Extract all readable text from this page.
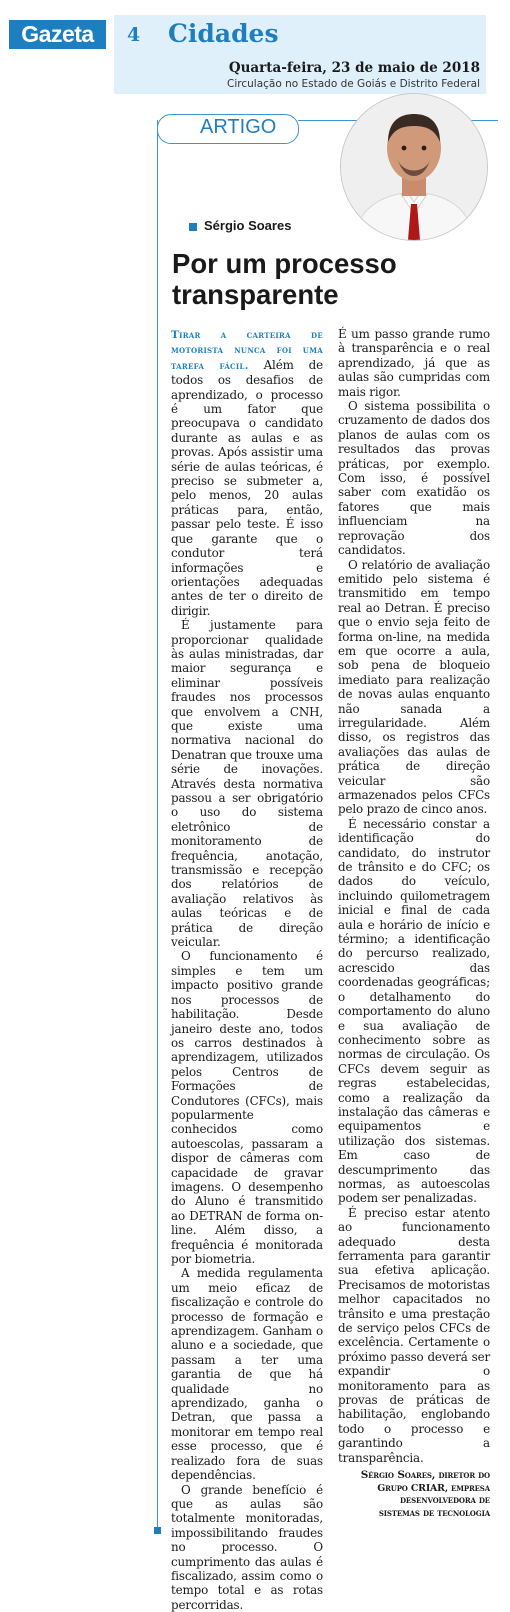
Gazeta	4 Cidades
Quarta-feira, 23 de maio de 2018
Circulação no Estado de Goiás e Distrito Federal
ARTIGO
Sérgio Soares
Por um processo
transparente

Tirar a carteira de motorista nunca foi uma tarefa fácil. Além de todos os desafios de aprendizado, o processo é um fator que preocupava o candidato durante as aulas e as provas. Após assistir uma série de aulas teóricas, é preciso se submeter a, pelo menos, 20 aulas práticas para, então, passar pelo teste. É isso que garante que o condutor terá informações e orientações adequadas antes de ter o direito de dirigir.

É justamente para proporcionar qualidade às aulas ministradas, dar maior segurança e eliminar possíveis fraudes nos processos que envolvem a CNH, que existe uma normativa nacional do Denatran que trouxe uma série de inovações. Através desta normativa passou a ser obrigatório o uso do sistema eletrônico de monitoramento de frequência, anotação, transmissão e recepção dos relatórios de avaliação relativos às aulas teóricas e de prática de direção veicular.

O funcionamento é simples e tem um impacto positivo grande nos processos de habilitação. Desde janeiro deste ano, todos os carros destinados à aprendizagem, utilizados pelos Centros de Formações de Condutores (CFCs), mais popularmente conhecidos como autoescolas, passaram a dispor de câmeras com capacidade de gravar imagens. O desempenho do Aluno é transmitido ao DETRAN de forma on-line. Além disso, a frequência é monitorada por biometria.

A medida regulamenta um meio eficaz de fiscalização e controle do processo de formação e aprendizagem. Ganham o aluno e a sociedade, que passam a ter uma garantia de que há qualidade no aprendizado, ganha o Detran, que passa a monitorar em tempo real esse processo, que é realizado fora de suas dependências.

O grande benefício é que as aulas são totalmente monitoradas, impossibilitando fraudes no processo. O cumprimento das aulas é fiscalizado, assim como o tempo total e as rotas percorridas.

É um passo grande rumo à transparência e o real aprendizado, já que as aulas são cumpridas com mais rigor.

O sistema possibilita o cruzamento de dados dos planos de aulas com os resultados das provas práticas, por exemplo. Com isso, é possível saber com exatidão os fatores que mais influenciam na reprovação dos candidatos.

O relatório de avaliação emitido pelo sistema é transmitido em tempo real ao Detran. É preciso que o envio seja feito de forma on-line, na medida em que ocorre a aula, sob pena de bloqueio imediato para realização de novas aulas enquanto não sanada a irregularidade. Além disso, os registros das avaliações das aulas de prática de direção veicular são armazenados pelos CFCs pelo prazo de cinco anos.

É necessário constar a identificação do candidato, do instrutor de trânsito e do CFC; os dados do veículo, incluindo quilometragem inicial e final de cada aula e horário de início e término; a identificação do percurso realizado, acrescido das coordenadas geográficas; o detalhamento do comportamento do aluno e sua avaliação de conhecimento sobre as normas de circulação. Os CFCs devem seguir as regras estabelecidas, como a realização da instalação das câmeras e equipamentos e utilização dos sistemas. Em caso de descumprimento das normas, as autoescolas podem ser penalizadas.

É preciso estar atento ao funcionamento adequado desta ferramenta para garantir sua efetiva aplicação. Precisamos de motoristas melhor capacitados no trânsito e uma prestação de serviço pelos CFCs de excelência. Certamente o próximo passo deverá ser expandir o monitoramento para as provas de práticas de habilitação, englobando todo o processo e garantindo a transparência.

Sérgio Soares, diretor do Grupo CRIAR, empresa
desenvolvedora de
sistemas de tecnologia
